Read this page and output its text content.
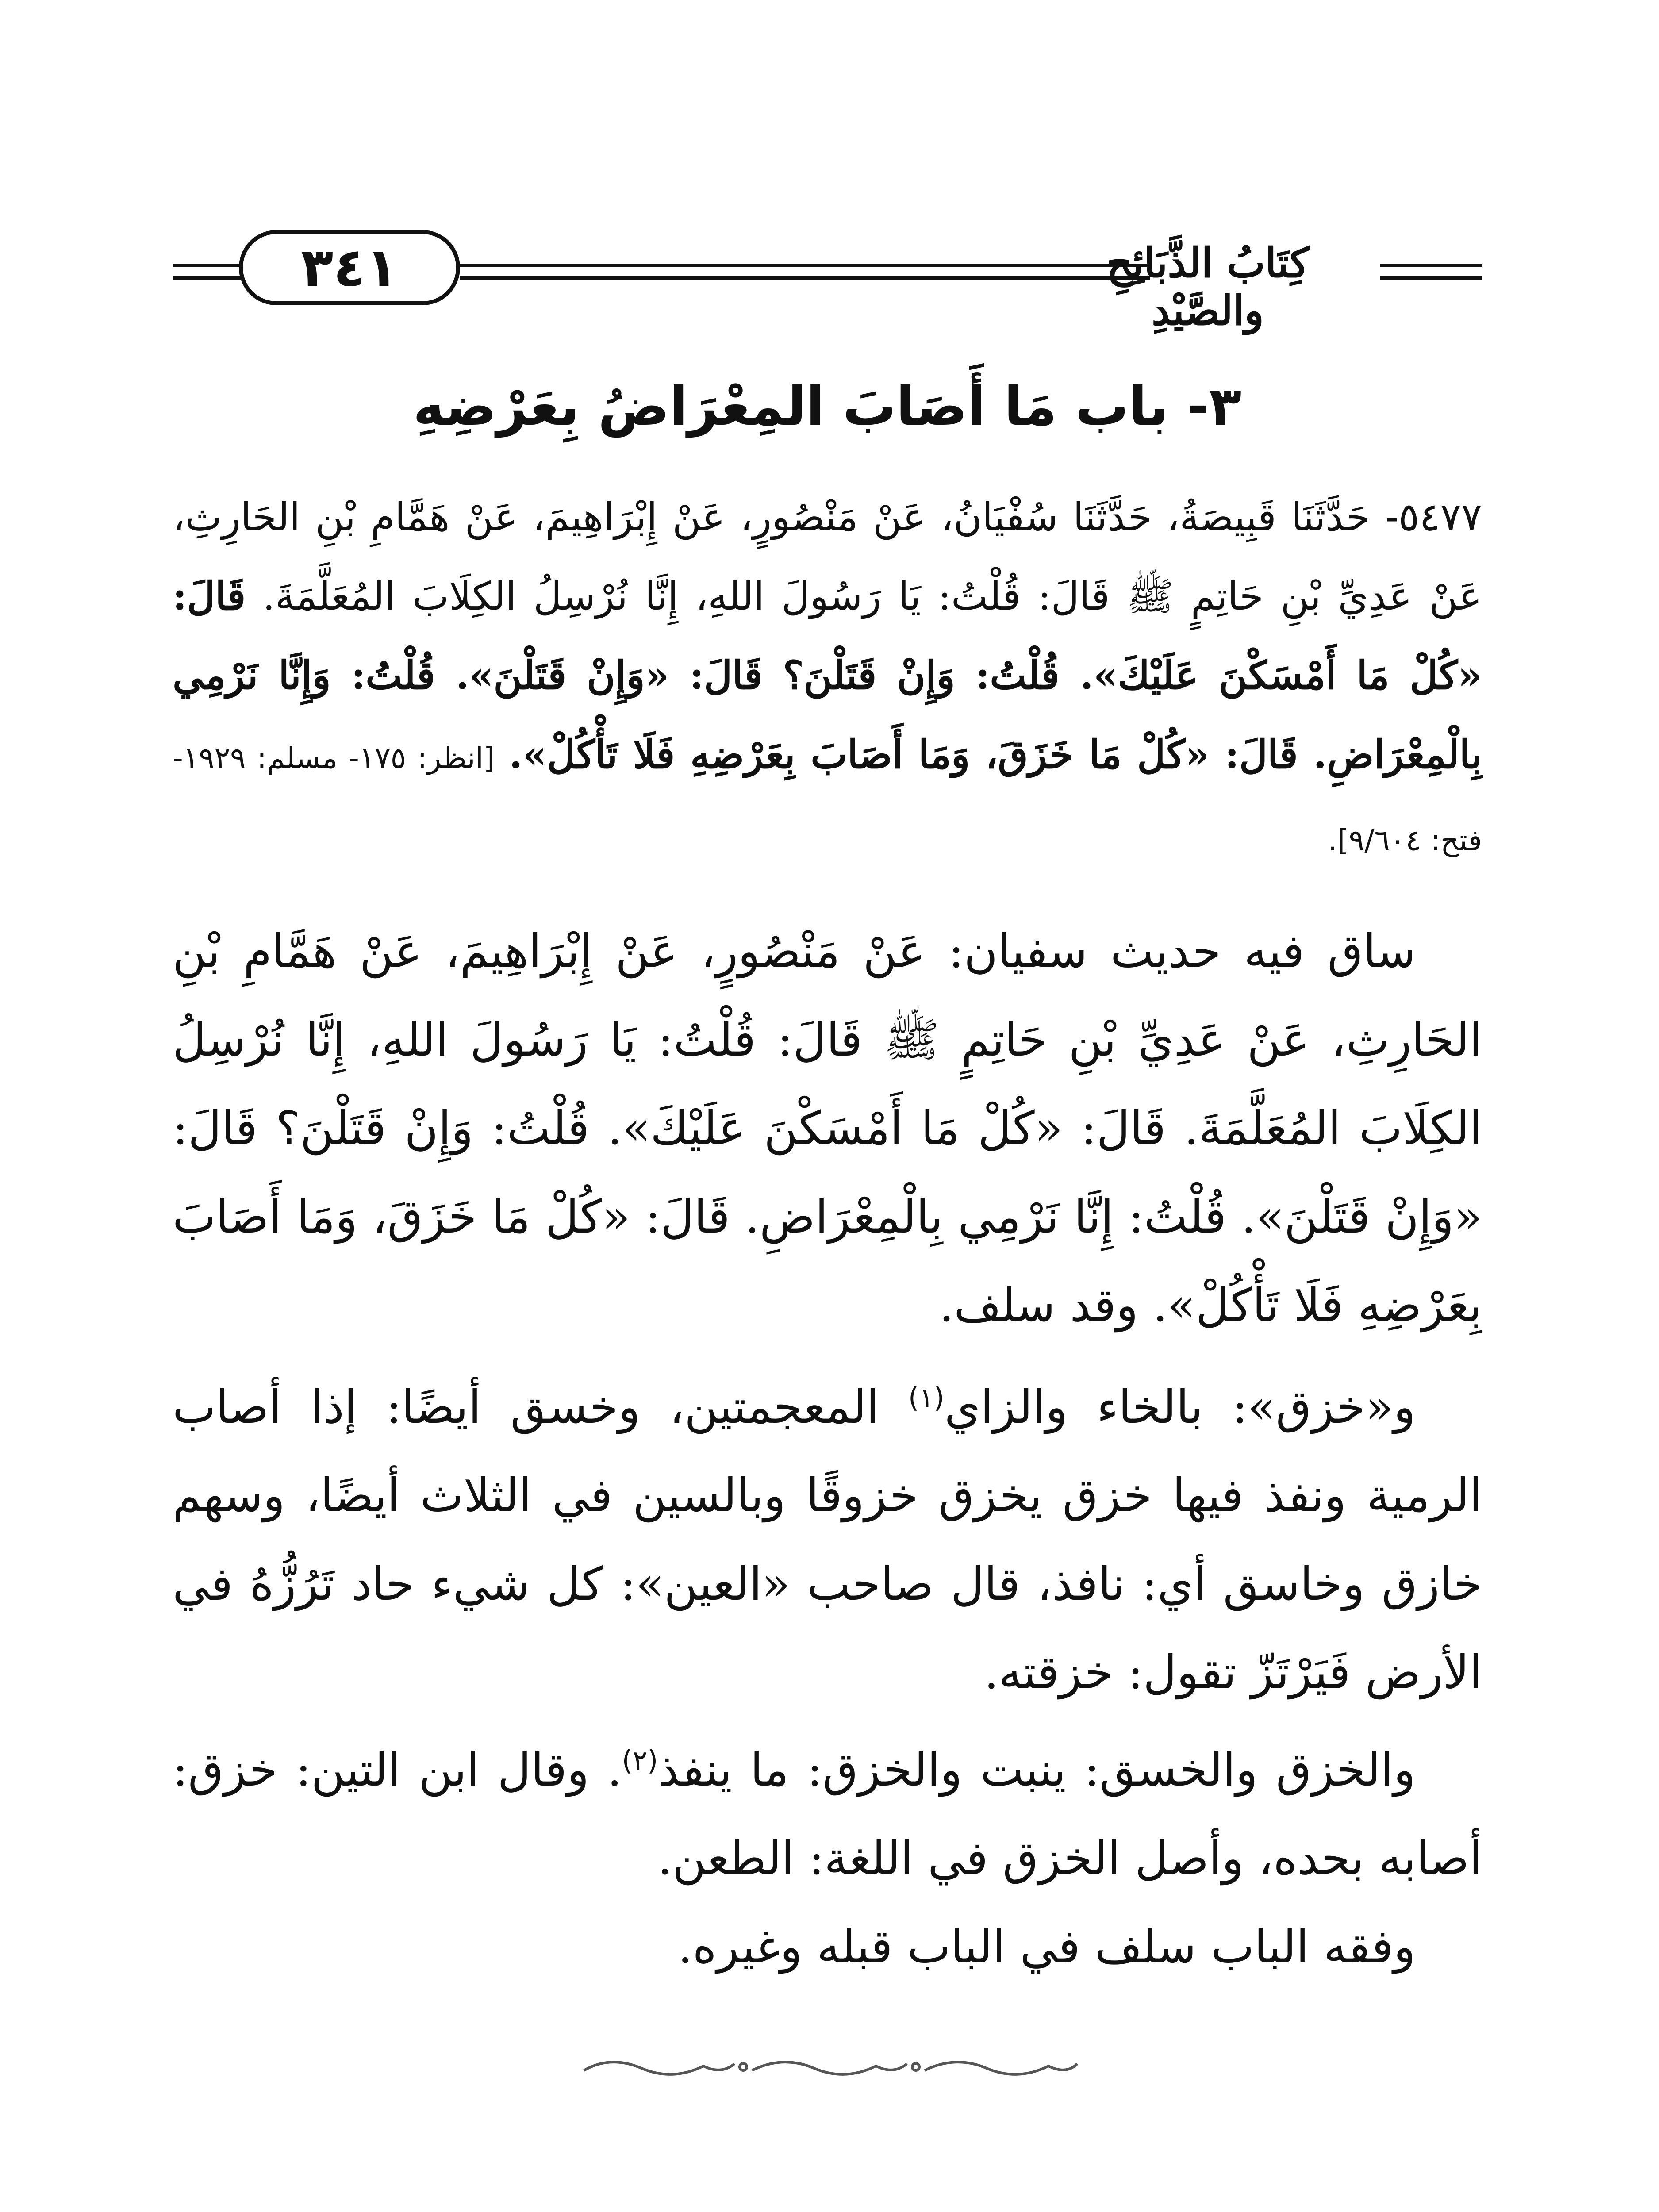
٣٤١	كِتَابُ الذَّبَائِحِ والصَّيْدِ
٣- باب مَا أَصَابَ المِعْرَاضُ بِعَرْضِهِ
٥٤٧٧- حَدَّثَنَا قَبِيصَةُ، حَدَّثَنَا سُفْيَانُ، عَنْ مَنْصُورٍ، عَنْ إِبْرَاهِيمَ، عَنْ هَمَّامِ بْنِ الحَارِثِ، عَنْ عَدِيِّ بْنِ حَاتِمٍ ﷺ قَالَ: قُلْتُ: يَا رَسُولَ اللهِ، إِنَّا نُرْسِلُ الكِلَابَ المُعَلَّمَةَ. قَالَ: «كُلْ مَا أَمْسَكْنَ عَلَيْكَ». قُلْتُ: وَإِنْ قَتَلْنَ؟ قَالَ: «وَإِنْ قَتَلْنَ». قُلْتُ: وَإِنَّا نَرْمِي بِالْمِعْرَاضِ. قَالَ: «كُلْ مَا خَزَقَ، وَمَا أَصَابَ بِعَرْضِهِ فَلَا تَأْكُلْ». [انظر: ١٧٥- مسلم: ١٩٢٩- فتح: ٩/٦٠٤].

ساق فيه حديث سفيان: عَنْ مَنْصُورٍ، عَنْ إِبْرَاهِيمَ، عَنْ هَمَّامِ بْنِ الحَارِثِ، عَنْ عَدِيِّ بْنِ حَاتِمٍ ﷺ قَالَ: قُلْتُ: يَا رَسُولَ اللهِ، إِنَّا نُرْسِلُ الكِلَابَ المُعَلَّمَةَ. قَالَ: «كُلْ مَا أَمْسَكْنَ عَلَيْكَ». قُلْتُ: وَإِنْ قَتَلْنَ؟ قَالَ: «وَإِنْ قَتَلْنَ». قُلْتُ: إِنَّا نَرْمِي بِالْمِعْرَاضِ. قَالَ: «كُلْ مَا خَزَقَ، وَمَا أَصَابَ بِعَرْضِهِ فَلَا تَأْكُلْ». وقد سلف.

و«خزق»: بالخاء والزاي$^{(١)}$ المعجمتين، وخسق أيضًا: إذا أصاب الرمية ونفذ فيها خزق يخزق خزوقًا وبالسين في الثلاث أيضًا، وسهم خازق وخاسق أي: نافذ، قال صاحب «العين»: كل شيء حاد تَرُزُّهُ في الأرض فَيَرْتَزّ تقول: خزقته.

والخزق والخسق: ينبت والخزق: ما ينفذ$^{(٢)}$. وقال ابن التين: خزق: أصابه بحده، وأصل الخزق في اللغة: الطعن.

وفقه الباب سلف في الباب قبله وغيره.
